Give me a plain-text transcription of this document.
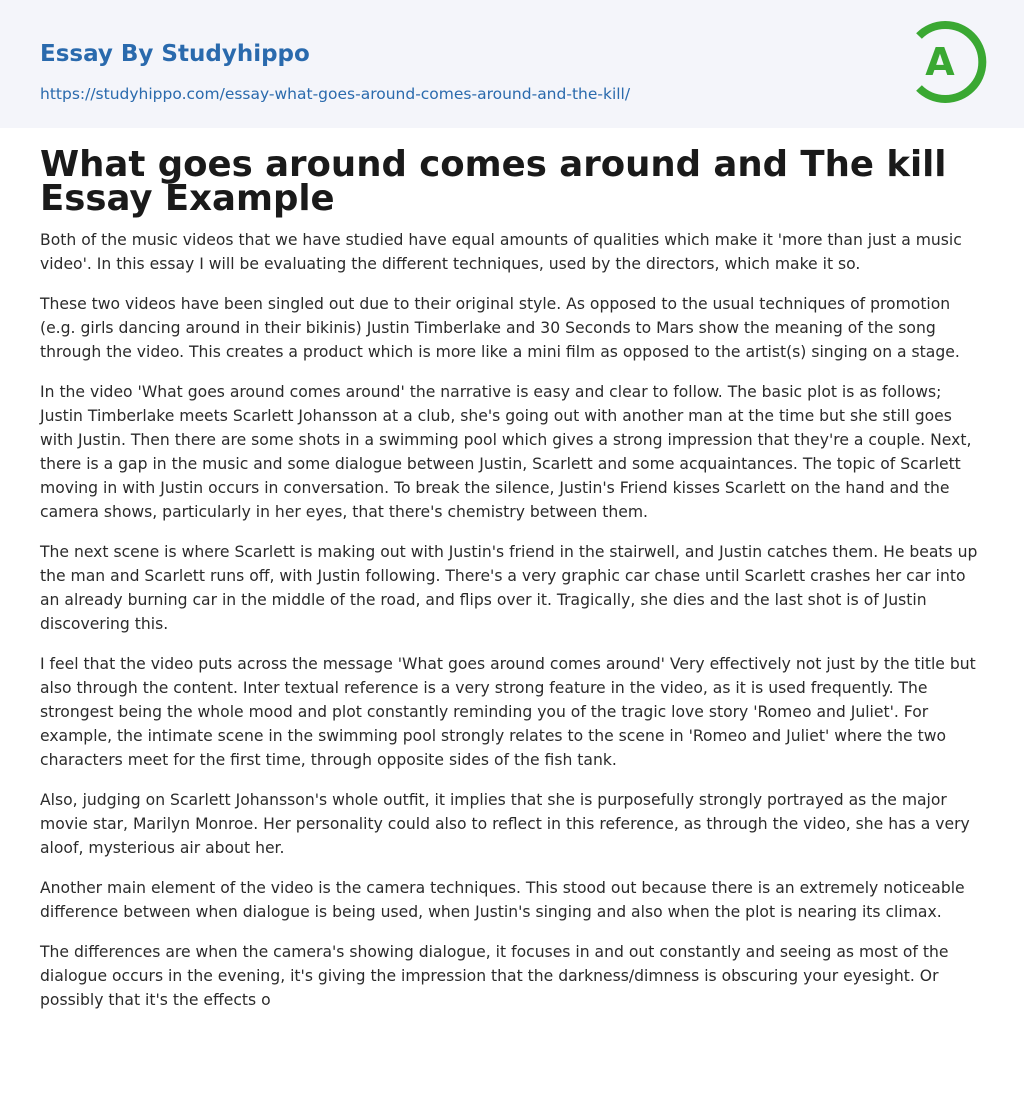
Essay By Studyhippo
https://studyhippo.com/essay-what-goes-around-comes-around-and-the-kill/
A
What goes around comes around and The kill Essay Example

Both of the music videos that we have studied have equal amounts of qualities which make it 'more than just a music video'. In this essay I will be evaluating the different techniques, used by the directors, which make it so.

These two videos have been singled out due to their original style. As opposed to the usual techniques of promotion (e.g. girls dancing around in their bikinis) Justin Timberlake and 30 Seconds to Mars show the meaning of the song through the video. This creates a product which is more like a mini film as opposed to the artist(s) singing on a stage.

In the video 'What goes around comes around' the narrative is easy and clear to follow. The basic plot is as follows; Justin Timberlake meets Scarlett Johansson at a club, she's going out with another man at the time but she still goes with Justin. Then there are some shots in a swimming pool which gives a strong impression that they're a couple. Next, there is a gap in the music and some dialogue between Justin, Scarlett and some acquaintances. The topic of Scarlett moving in with Justin occurs in conversation. To break the silence, Justin's Friend kisses Scarlett on the hand and the camera shows, particularly in her eyes, that there's chemistry between them.

The next scene is where Scarlett is making out with Justin's friend in the stairwell, and Justin catches them. He beats up the man and Scarlett runs off, with Justin following. There's a very graphic car chase until Scarlett crashes her car into an already burning car in the middle of the road, and flips over it. Tragically, she dies and the last shot is of Justin discovering this.

I feel that the video puts across the message 'What goes around comes around' Very effectively not just by the title but also through the content. Inter textual reference is a very strong feature in the video, as it is used frequently. The strongest being the whole mood and plot constantly reminding you of the tragic love story 'Romeo and Juliet'. For example, the intimate scene in the swimming pool strongly relates to the scene in 'Romeo and Juliet' where the two characters meet for the first time, through opposite sides of the fish tank.

Also, judging on Scarlett Johansson's whole outfit, it implies that she is purposefully strongly portrayed as the major movie star, Marilyn Monroe. Her personality could also to reflect in this reference, as through the video, she has a very aloof, mysterious air about her.

Another main element of the video is the camera techniques. This stood out because there is an extremely noticeable difference between when dialogue is being used, when Justin's singing and also when the plot is nearing its climax.

The differences are when the camera's showing dialogue, it focuses in and out constantly and seeing as most of the dialogue occurs in the evening, it's giving the impression that the darkness/dimness is obscuring your eyesight. Or possibly that it's the effects o
